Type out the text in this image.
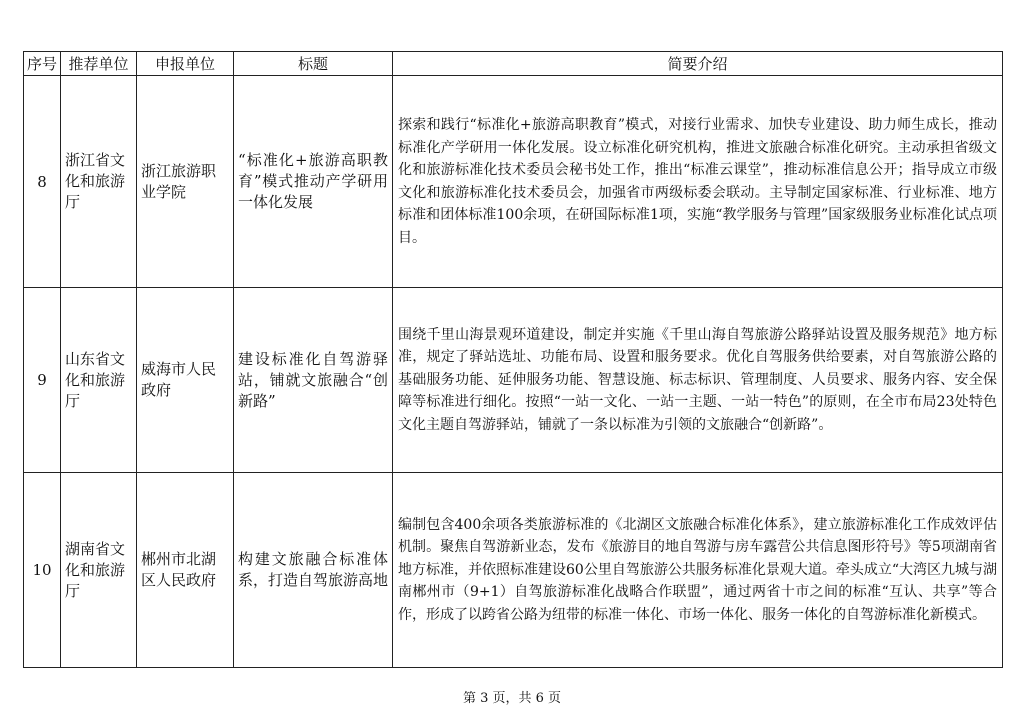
序号	推荐单位	申报单位	标题	简要介绍
8	浙江省文化和旅游厅	浙江旅游职业学院	“标准化+旅游高职教育”模式推动产学研用一体化发展	探索和践行“标准化+旅游高职教育”模式，对接行业需求、加快专业建设、助力师生成长，推动标准化产学研用一体化发展。设立标准化研究机构，推进文旅融合标准化研究。主动承担省级文化和旅游标准化技术委员会秘书处工作，推出“标准云课堂”，推动标准信息公开；指导成立市级文化和旅游标准化技术委员会，加强省市两级标委会联动。主导制定国家标准、行业标准、地方标准和团体标准100余项，在研国际标准1项，实施“教学服务与管理”国家级服务业标准化试点项目。
9	山东省文化和旅游厅	威海市人民政府	建设标准化自驾游驿站，铺就文旅融合“创新路”	围绕千里山海景观环道建设，制定并实施《千里山海自驾旅游公路驿站设置及服务规范》地方标准，规定了驿站选址、功能布局、设置和服务要求。优化自驾服务供给要素，对自驾旅游公路的基础服务功能、延伸服务功能、智慧设施、标志标识、管理制度、人员要求、服务内容、安全保障等标准进行细化。按照“一站一文化、一站一主题、一站一特色”的原则，在全市布局23处特色文化主题自驾游驿站，铺就了一条以标准为引领的文旅融合“创新路”。
10	湖南省文化和旅游厅	郴州市北湖区人民政府	构建文旅融合标准体系，打造自驾旅游高地	编制包含400余项各类旅游标准的《北湖区文旅融合标准化体系》，建立旅游标准化工作成效评估机制。聚焦自驾游新业态，发布《旅游目的地自驾游与房车露营公共信息图形符号》等5项湖南省地方标准，并依照标准建设60公里自驾旅游公共服务标准化景观大道。牵头成立“大湾区九城与湖南郴州市（9+1）自驾旅游标准化战略合作联盟”，通过两省十市之间的标准“互认、共享”等合作，形成了以跨省公路为纽带的标准一体化、市场一体化、服务一体化的自驾游标准化新模式。
第 3 页，共 6 页
